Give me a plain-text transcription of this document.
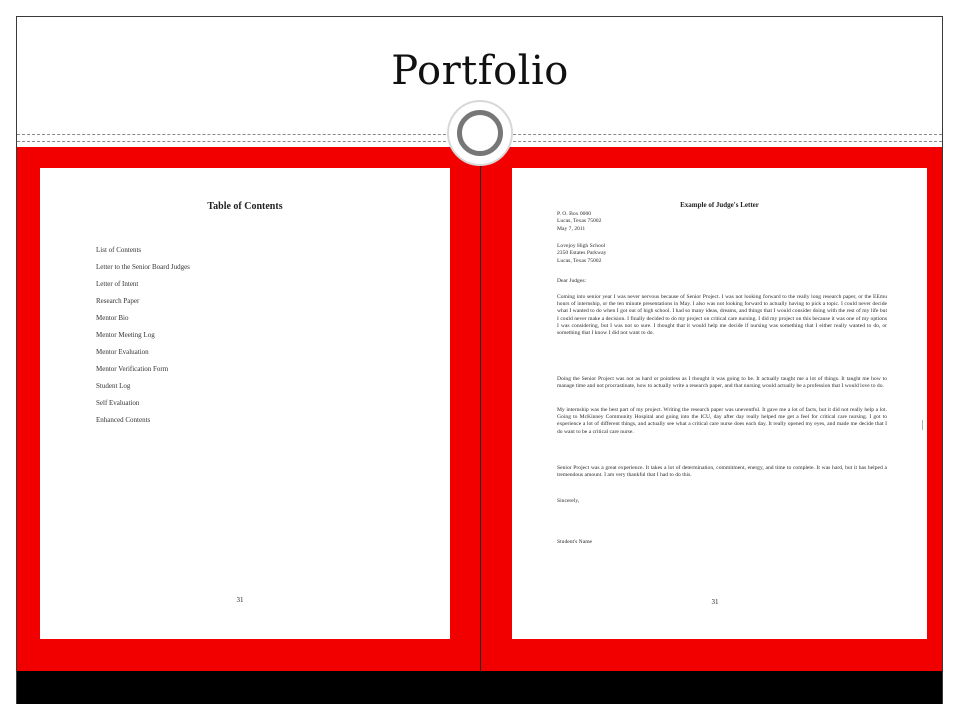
Portfolio
Table of Contents
List of Contents
Letter to the Senior Board Judges
Letter of Intent
Research Paper
Mentor Bio
Mentor Meeting Log
Mentor Evaluation
Mentor Verification Form
Student Log
Self Evaluation
Enhanced Contents
31
Example of Judge's Letter
P. O. Box 0000
Lucas, Texas 75002
May 7, 2011
Lovejoy High School
2350 Estates Parkway
Lucas, Texas 75002
Dear Judges:

Coming into senior year I was never nervous because of Senior Project. I was not looking forward to the really long research paper, or the EEmu hours of internship, or the ten minute presentations in May. I also was not looking forward to actually having to pick a topic. I could never decide what I wanted to do when I got out of high school. I had so many ideas, dreams, and things that I would consider doing with the rest of my life but I could never make a decision. I finally decided to do my project on critical care nursing. I did my project on this because it was one of my options I was considering, but I was not so sure. I thought that it would help me decide if nursing was something that I either really wanted to do, or something that I know I did not want to do.

Doing the Senior Project was not as hard or pointless as I thought it was going to be. It actually taught me a lot of things. It taught me how to manage time and not procrastinate, how to actually write a research paper, and that nursing would actually be a profession that I would love to do.

My internship was the best part of my project. Writing the research paper was uneventful. It gave me a lot of facts, but it did not really help a lot. Going to McKinney Community Hospital and going into the ICU, day after day really helped me get a feel for critical care nursing. I got to experience a lot of different things, and actually see what a critical care nurse does each day. It really opened my eyes, and made me decide that I do want to be a critical care nurse.

Senior Project was a great experience. It takes a lot of determination, commitment, energy, and time to complete. It was hard, but it has helped a tremendous amount. I am very thankful that I had to do this.

Sincerely,
Student's Name
31
